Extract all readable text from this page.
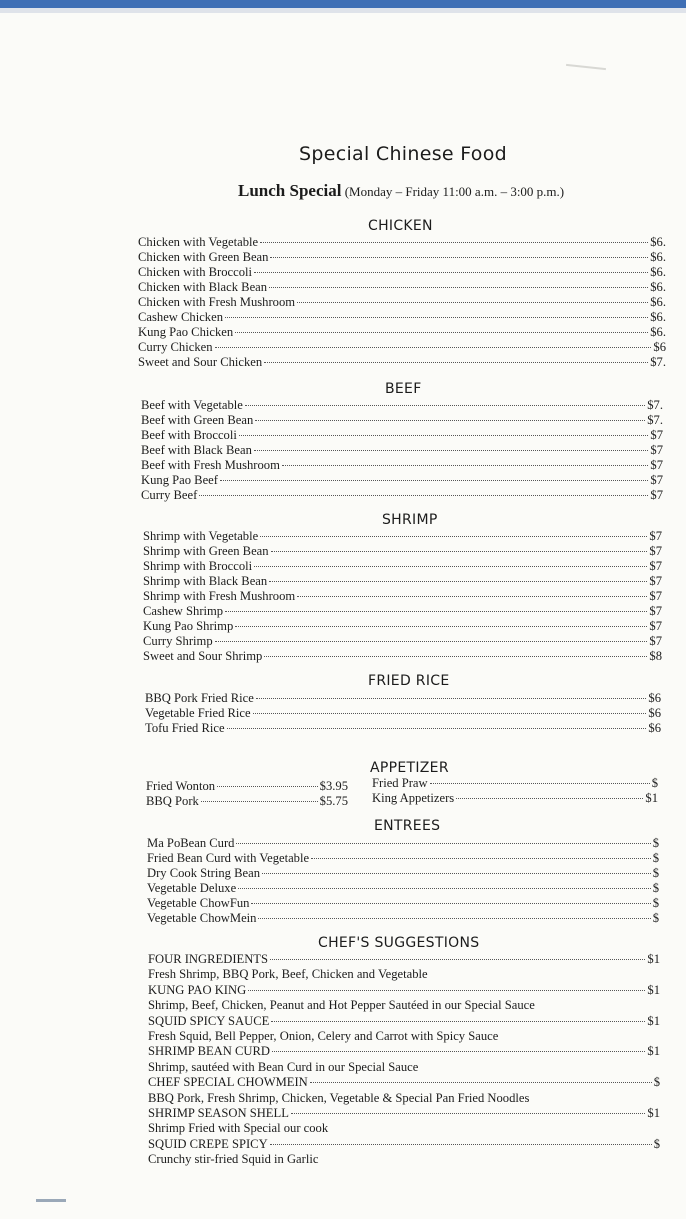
Special Chinese Food
Lunch Special (Monday – Friday 11:00 a.m. – 3:00 p.m.)
CHICKEN
Chicken with Vegetable	$6.
Chicken with Green Bean	$6.
Chicken with Broccoli	$6.
Chicken with Black Bean	$6.
Chicken with Fresh Mushroom	$6.
Cashew Chicken	$6.
Kung Pao Chicken	$6.
Curry Chicken	$6
Sweet and Sour Chicken	$7.
BEEF
Beef with Vegetable	$7.
Beef with Green Bean	$7.
Beef with Broccoli	$7
Beef with Black Bean	$7
Beef with Fresh Mushroom	$7
Kung Pao Beef	$7
Curry Beef	$7
SHRIMP
Shrimp with Vegetable	$7
Shrimp with Green Bean	$7
Shrimp with Broccoli	$7
Shrimp with Black Bean	$7
Shrimp with Fresh Mushroom	$7
Cashew Shrimp	$7
Kung Pao Shrimp	$7
Curry Shrimp	$7
Sweet and Sour Shrimp	$8
FRIED RICE
BBQ Pork Fried Rice	$6
Vegetable Fried Rice	$6
Tofu Fried Rice	$6
APPETIZER
Fried Wonton	$3.95
BBQ Pork	$5.75
Fried Praw	$
King Appetizers	$1
ENTREES
Ma PoBean Curd	$
Fried Bean Curd with Vegetable	$
Dry Cook String Bean	$
Vegetable Deluxe	$
Vegetable ChowFun	$
Vegetable ChowMein	$
CHEF'S SUGGESTIONS
FOUR INGREDIENTS	$1
Fresh Shrimp, BBQ Pork, Beef, Chicken and Vegetable
KUNG PAO KING	$1
Shrimp, Beef, Chicken, Peanut and Hot Pepper Sautéed in our Special Sauce
SQUID SPICY SAUCE	$1
Fresh Squid, Bell Pepper, Onion, Celery and Carrot with Spicy Sauce
SHRIMP BEAN CURD	$1
Shrimp, sautéed with Bean Curd in our Special Sauce
CHEF SPECIAL CHOWMEIN	$
BBQ Pork, Fresh Shrimp, Chicken, Vegetable & Special Pan Fried Noodles
SHRIMP SEASON SHELL	$1
Shrimp Fried with Special our cook
SQUID CREPE SPICY	$
Crunchy stir-fried Squid in Garlic
